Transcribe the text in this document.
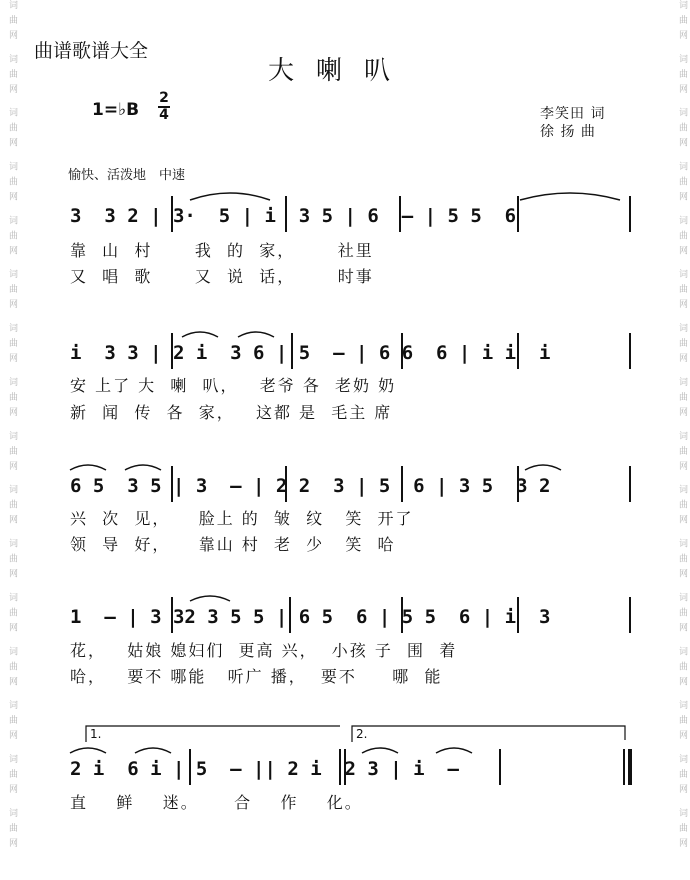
词曲网 词曲网 词曲网 词曲网 词曲网 词曲网 词曲网 词曲网 词曲网 词曲网 词曲网 词曲网 词曲网 词曲网 词曲网 词曲网	词曲网 词曲网 词曲网 词曲网 词曲网 词曲网 词曲网 词曲网 词曲网 词曲网 词曲网 词曲网 词曲网 词曲网 词曲网 词曲网
曲谱歌谱大全
大喇叭
1=♭B
2
4	李笑田 词
徐 扬 曲
愉快、活泼地　中速
3  3 2 | 3·  5 | i  3 5 | 6  — | 5 5  6
靠  山  村      我  的  家，      社里
又  唱  歌      又  说  话，      时事
i  3 3 | 2 i  3 6 | 5  — | 6 6  6 | i i  i
安 上了 大  喇  叭，   老爷 各  老奶 奶
新  闻  传  各  家，   这都 是  毛主 席
6 5  3 5 | 3  — | 2 2  3 | 5  6 | 3 5  3 2
兴  次  见，    脸上 的  皱  纹   笑  开了
领  导  好，    靠山 村  老  少   笑  哈
1  — | 3 32 3 5 5 | 6 5  6 | 5 5  6 | i  3
花，   姑娘 媳妇们  更高 兴，  小孩 子  围  着
哈，   要不 哪能   听广 播，  要不     哪  能
1.	2.
2 i  6 i | 5  — || 2 i  2 3 | i  —
直    鲜    迷。     合    作    化。
